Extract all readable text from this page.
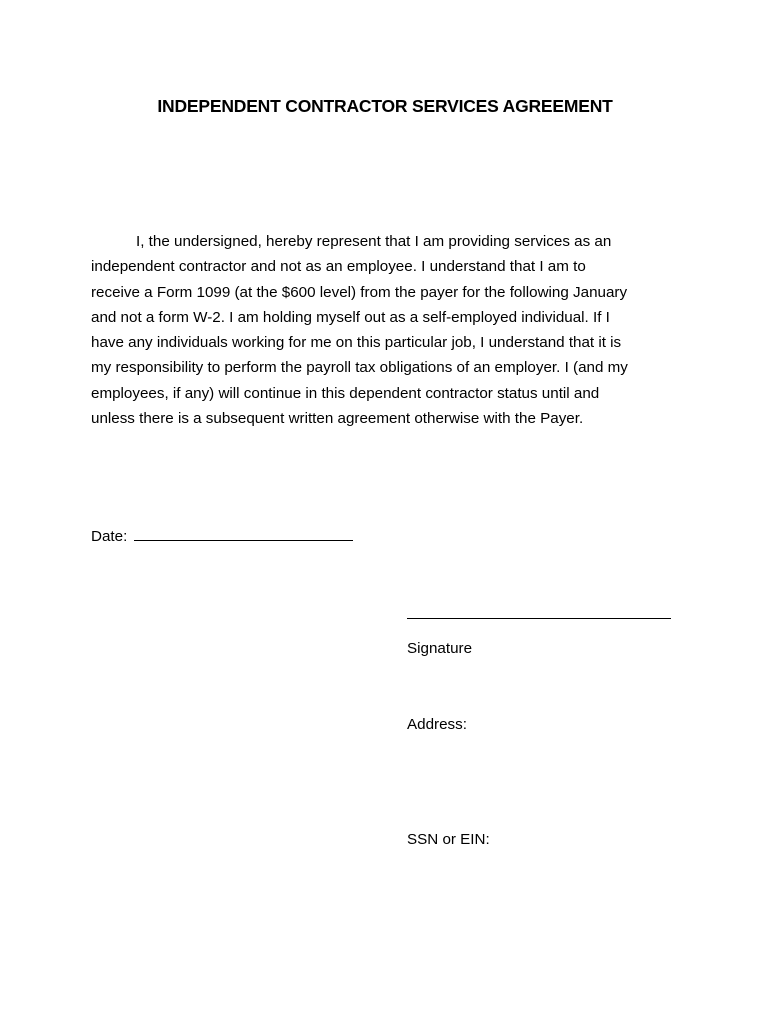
INDEPENDENT CONTRACTOR SERVICES AGREEMENT
I, the undersigned, hereby represent that I am providing services as an
independent contractor and not as an employee. I understand that I am to
receive a Form 1099 (at the $600 level) from the payer for the following January
and not a form W-2. I am holding myself out as a self-employed individual. If I
have any individuals working for me on this particular job, I understand that it is
my responsibility to perform the payroll tax obligations of an employer. I (and my
employees, if any) will continue in this dependent contractor status until and
unless there is a subsequent written agreement otherwise with the Payer.
Date:
Signature
Address:
SSN or EIN:
